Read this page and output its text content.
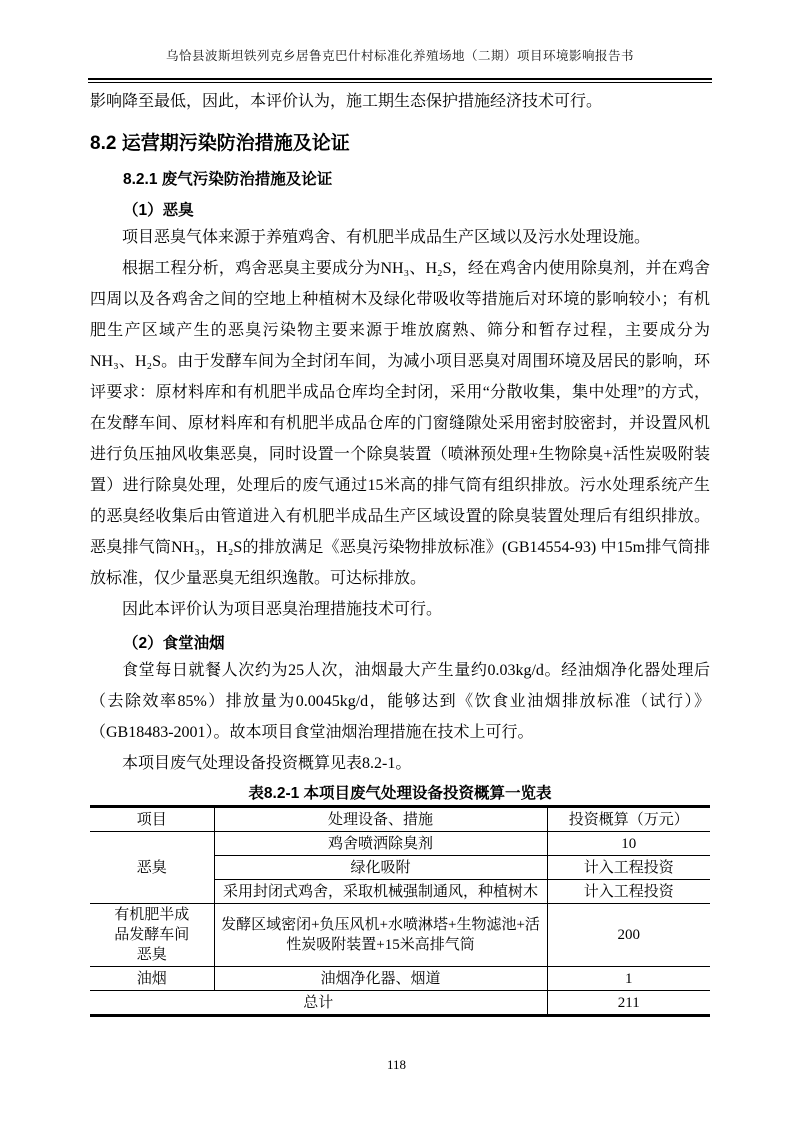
乌恰县波斯坦铁列克乡居鲁克巴什村标准化养殖场地（二期）项目环境影响报告书

影响降至最低，因此，本评价认为，施工期生态保护措施经济技术可行。

8.2 运营期污染防治措施及论证
8.2.1 废气污染防治措施及论证
（1）恶臭

项目恶臭气体来源于养殖鸡舍、有机肥半成品生产区域以及污水处理设施。

根据工程分析，鸡舍恶臭主要成分为NH₃、H₂S，经在鸡舍内使用除臭剂，并在鸡舍四周以及各鸡舍之间的空地上种植树木及绿化带吸收等措施后对环境的影响较小；有机肥生产区域产生的恶臭污染物主要来源于堆放腐熟、筛分和暂存过程，主要成分为NH₃、H₂S。由于发酵车间为全封闭车间，为减小项目恶臭对周围环境及居民的影响，环评要求：原材料库和有机肥半成品仓库均全封闭，采用“分散收集，集中处理”的方式，在发酵车间、原材料库和有机肥半成品仓库的门窗缝隙处采用密封胶密封，并设置风机进行负压抽风收集恶臭，同时设置一个除臭装置（喷淋预处理+生物除臭+活性炭吸附装置）进行除臭处理，处理后的废气通过15米高的排气筒有组织排放。污水处理系统产生的恶臭经收集后由管道进入有机肥半成品生产区域设置的除臭装置处理后有组织排放。恶臭排气筒NH₃，H₂S的排放满足《恶臭污染物排放标准》(GB14554-93) 中15m排气筒排放标准，仅少量恶臭无组织逸散。可达标排放。

因此本评价认为项目恶臭治理措施技术可行。

（2）食堂油烟

食堂每日就餐人次约为25人次，油烟最大产生量约0.03kg/d。经油烟净化器处理后（去除效率85%）排放量为0.0045kg/d，能够达到《饮食业油烟排放标准（试行）》（GB18483-2001）。故本项目食堂油烟治理措施在技术上可行。

本项目废气处理设备投资概算见表8.2-1。

表8.2-1 本项目废气处理设备投资概算一览表
项目	处理设备、措施	投资概算（万元）
恶臭	鸡舍喷洒除臭剂	10
	绿化吸附	计入工程投资
	采用封闭式鸡舍，采取机械强制通风，种植树木	计入工程投资
有机肥半成品发酵车间恶臭	发酵区域密闭+负压风机+水喷淋塔+生物滤池+活性炭吸附装置+15米高排气筒	200
油烟	油烟净化器、烟道	1
总计		211
118
